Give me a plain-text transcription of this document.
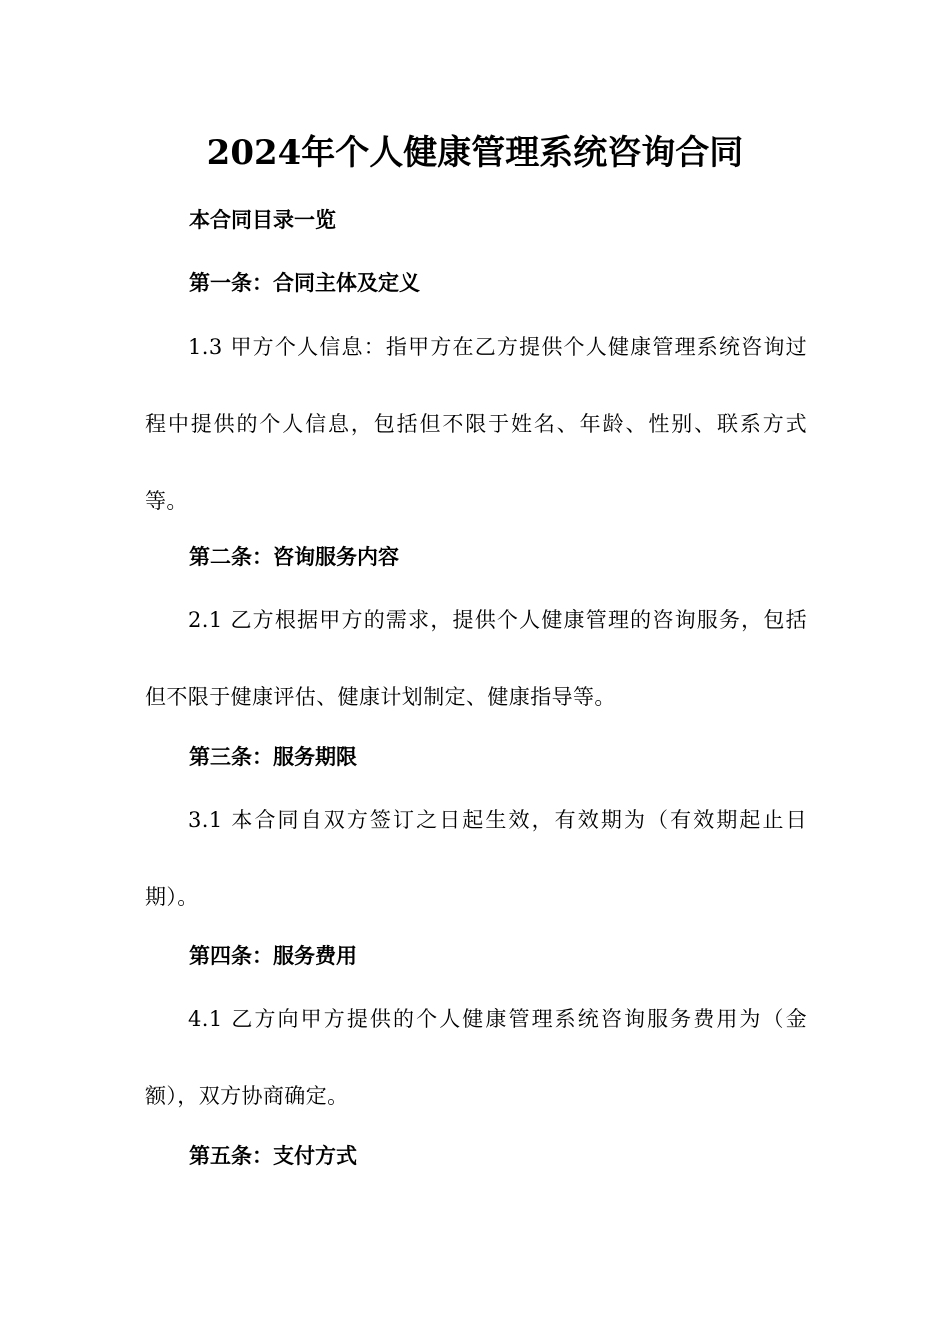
2024年个人健康管理系统咨询合同
本合同目录一览
第一条：合同主体及定义

1.3 甲方个人信息：指甲方在乙方提供个人健康管理系统咨询过程中提供的个人信息，包括但不限于姓名、年龄、性别、联系方式等。

第二条：咨询服务内容

2.1 乙方根据甲方的需求，提供个人健康管理的咨询服务，包括但不限于健康评估、健康计划制定、健康指导等。

第三条：服务期限

3.1 本合同自双方签订之日起生效，有效期为（有效期起止日期）。

第四条：服务费用

4.1 乙方向甲方提供的个人健康管理系统咨询服务费用为（金额），双方协商确定。

第五条：支付方式
